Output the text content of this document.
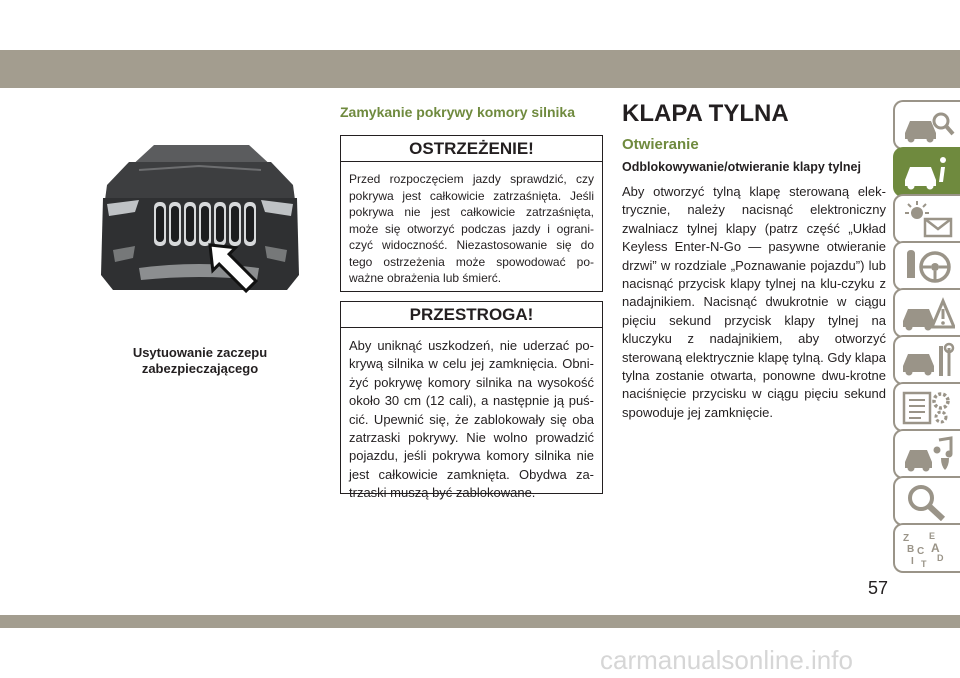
Usytuowanie zaczepu
zabezpieczającego
Zamykanie pokrywy komory silnika
OSTRZEŻENIE!
Przed rozpoczęciem jazdy sprawdzić, czy pokrywa jest całkowicie zatrzaśnięta. Jeśli pokrywa nie jest całkowicie zatrzaśnięta, może się otworzyć podczas jazdy i ograni-czyć widoczność. Niezastosowanie się do tego ostrzeżenia może spowodować po-ważne obrażenia lub śmierć.
PRZESTROGA!
Aby uniknąć uszkodzeń, nie uderzać po-krywą silnika w celu jej zamknięcia. Obni-żyć pokrywę komory silnika na wysokość około 30 cm (12 cali), a następnie ją puś-cić. Upewnić się, że zablokowały się oba zatrzaski pokrywy. Nie wolno prowadzić pojazdu, jeśli pokrywa komory silnika nie jest całkowicie zamknięta. Obydwa za-trzaski muszą być zablokowane.
KLAPA TYLNA
Otwieranie
Odblokowywanie/otwieranie klapy tylnej
Aby otworzyć tylną klapę sterowaną elek-trycznie, należy nacisnąć elektroniczny zwalniacz tylnej klapy (patrz część „Układ Keyless Enter-N-Go — pasywne otwieranie drzwi” w rozdziale „Poznawanie pojazdu”) lub nacisnąć przycisk klapy tylnej na klu-czyku z nadajnikiem. Nacisnąć dwukrotnie w ciągu pięciu sekund przycisk klapy tylnej na kluczyku z nadajnikiem, aby otworzyć sterowaną elektrycznie klapę tylną. Gdy klapa tylna zostanie otwarta, ponowne dwu-krotne naciśnięcie przycisku w ciągu pięciu sekund spowoduje jej zamknięcie.
Z E
B A
C
D
I T
57
carmanualsonline.info
